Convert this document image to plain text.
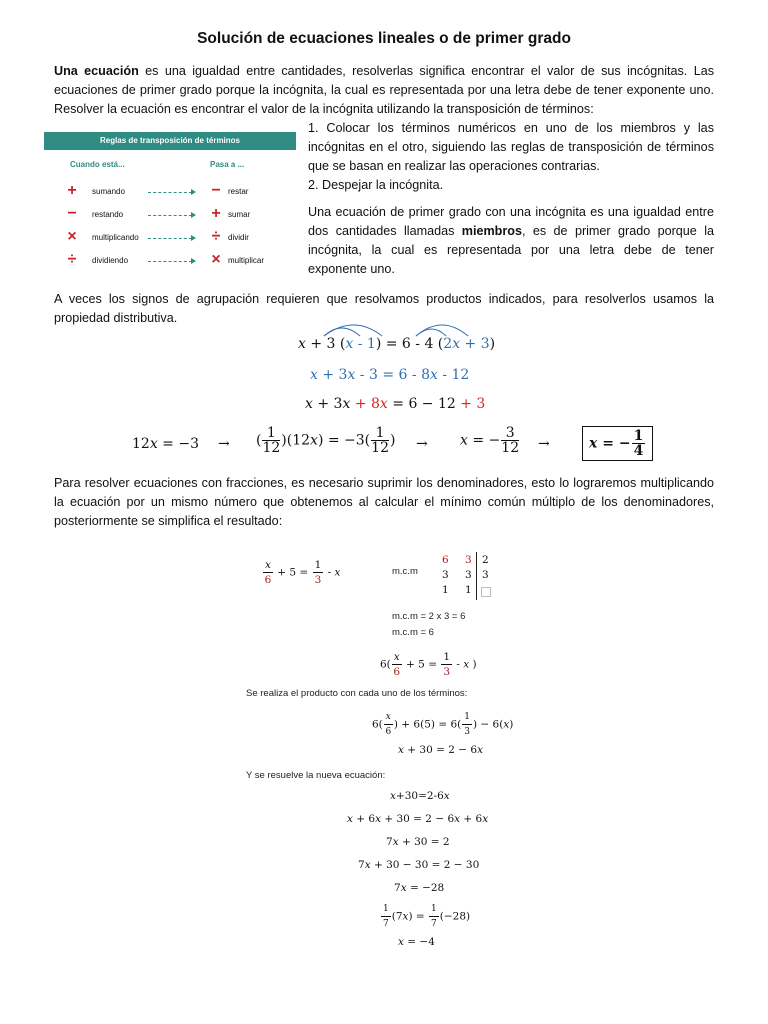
Solución de ecuaciones lineales o de primer grado
Una ecuación es una igualdad entre cantidades, resolverlas significa encontrar el valor de sus incógnitas. Las ecuaciones de primer grado porque la incógnita, la cual es representada por una letra debe de tener exponente uno. Resolver la ecuación es encontrar el valor de la incógnita utilizando la transposición de términos:
Reglas de transposición de términos
Cuando está...	Pasa a ...
+	sumando	− restar
−	restando	+ sumar
×	multiplicando	÷ dividir
÷	dividiendo	× multiplicar
1. Colocar los términos numéricos en uno de los miembros y las incógnitas en el otro, siguiendo las reglas de transposición de términos que se basan en realizar las operaciones contrarias.
2. Despejar la incógnita.
Una ecuación de primer grado con una incógnita es una igualdad entre dos cantidades llamadas miembros, es de primer grado porque la incógnita, la cual es representada por una letra debe de tener exponente uno.
A veces los signos de agrupación requieren que resolvamos productos indicados, para resolverlos usamos la propiedad distributiva.
x + 3 (x - 1) = 6 - 4 (2x + 3)
x + 3x - 3 = 6 - 8x - 12
x + 3x + 8x = 6 − 12 + 3
12x = −3 → ( $\frac{1}{12} )(12x) = -3( \frac{1}{12}$ ) → x = − $\frac{3}{12}$ →	x = − $\frac{1}{4}$
Para resolver ecuaciones con fracciones, es necesario suprimir los denominadores, esto lo lograremos multiplicando la ecuación por un mismo número que obtenemos al calcular el mínimo común múltiplo de los denominadores, posteriormente se simplifica el resultado:
$\frac{x}{6} + 5 = \frac{1}{3} - x$	m.c.m
6 3 2
3 3 3
1 1
m.c.m = 2 x 3 = 6
m.c.m = 6
$6( \frac{x}{6} + 5 = \frac{1}{3} - x$ )
Se realiza el producto con cada uno de los términos:
$6( \frac{x}{6}$ ) + $6(5) = 6( \frac{1}{3}$ ) − 6(x)
x + 30 = 2 − 6x
Y se resuelve la nueva ecuación:
x+30=2-6x
x + 6x + 30 = 2 − 6x + 6x
7x + 30 = 2
7x + 30 − 30 = 2 − 30
7x = −28
$\frac{1}{7} (7x) = \frac{1}{7} (-28)$
x = −4
